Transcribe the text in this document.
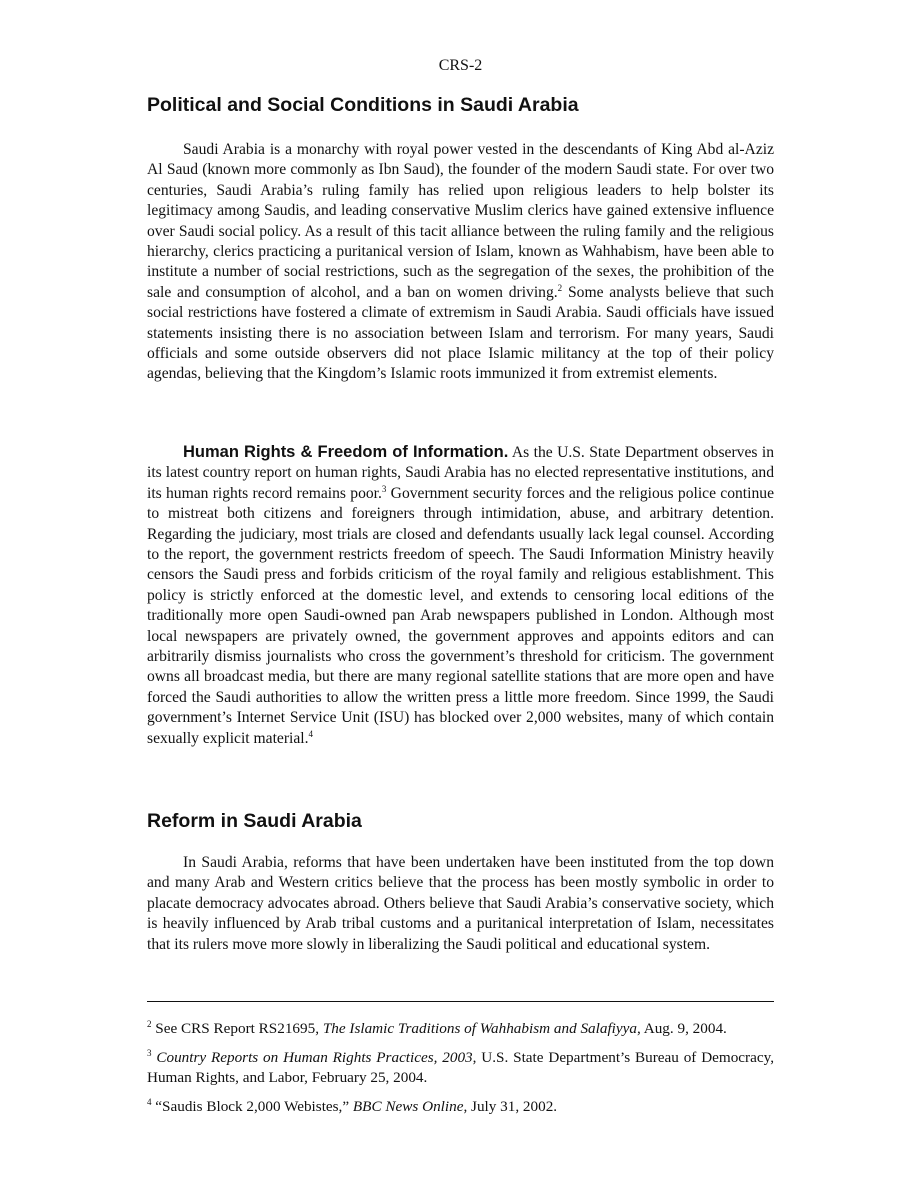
CRS-2
Political and Social Conditions in Saudi Arabia

Saudi Arabia is a monarchy with royal power vested in the descendants of King Abd al-Aziz Al Saud (known more commonly as Ibn Saud), the founder of the modern Saudi state. For over two centuries, Saudi Arabia’s ruling family has relied upon religious leaders to help bolster its legitimacy among Saudis, and leading conservative Muslim clerics have gained extensive influence over Saudi social policy. As a result of this tacit alliance between the ruling family and the religious hierarchy, clerics practicing a puritanical version of Islam, known as Wahhabism, have been able to institute a number of social restrictions, such as the segregation of the sexes, the prohibition of the sale and consumption of alcohol, and a ban on women driving.$^2$ Some analysts believe that such social restrictions have fostered a climate of extremism in Saudi Arabia. Saudi officials have issued statements insisting there is no association between Islam and terrorism. For many years, Saudi officials and some outside observers did not place Islamic militancy at the top of their policy agendas, believing that the Kingdom’s Islamic roots immunized it from extremist elements.

Human Rights & Freedom of Information. As the U.S. State Department observes in its latest country report on human rights, Saudi Arabia has no elected representative institutions, and its human rights record remains poor.$^3$ Government security forces and the religious police continue to mistreat both citizens and foreigners through intimidation, abuse, and arbitrary detention. Regarding the judiciary, most trials are closed and defendants usually lack legal counsel. According to the report, the government restricts freedom of speech. The Saudi Information Ministry heavily censors the Saudi press and forbids criticism of the royal family and religious establishment. This policy is strictly enforced at the domestic level, and extends to censoring local editions of the traditionally more open Saudi-owned pan Arab newspapers published in London. Although most local newspapers are privately owned, the government approves and appoints editors and can arbitrarily dismiss journalists who cross the government’s threshold for criticism. The government owns all broadcast media, but there are many regional satellite stations that are more open and have forced the Saudi authorities to allow the written press a little more freedom. Since 1999, the Saudi government’s Internet Service Unit (ISU) has blocked over 2,000 websites, many of which contain sexually explicit material.$^4$

Reform in Saudi Arabia

In Saudi Arabia, reforms that have been undertaken have been instituted from the top down and many Arab and Western critics believe that the process has been mostly symbolic in order to placate democracy advocates abroad. Others believe that Saudi Arabia’s conservative society, which is heavily influenced by Arab tribal customs and a puritanical interpretation of Islam, necessitates that its rulers move more slowly in liberalizing the Saudi political and educational system.

$^2$ See CRS Report RS21695, The Islamic Traditions of Wahhabism and Salafiyya, Aug. 9, 2004.

$^3$ Country Reports on Human Rights Practices, 2003, U.S. State Department’s Bureau of Democracy, Human Rights, and Labor, February 25, 2004.

$^4$ “Saudis Block 2,000 Webistes,” BBC News Online, July 31, 2002.
